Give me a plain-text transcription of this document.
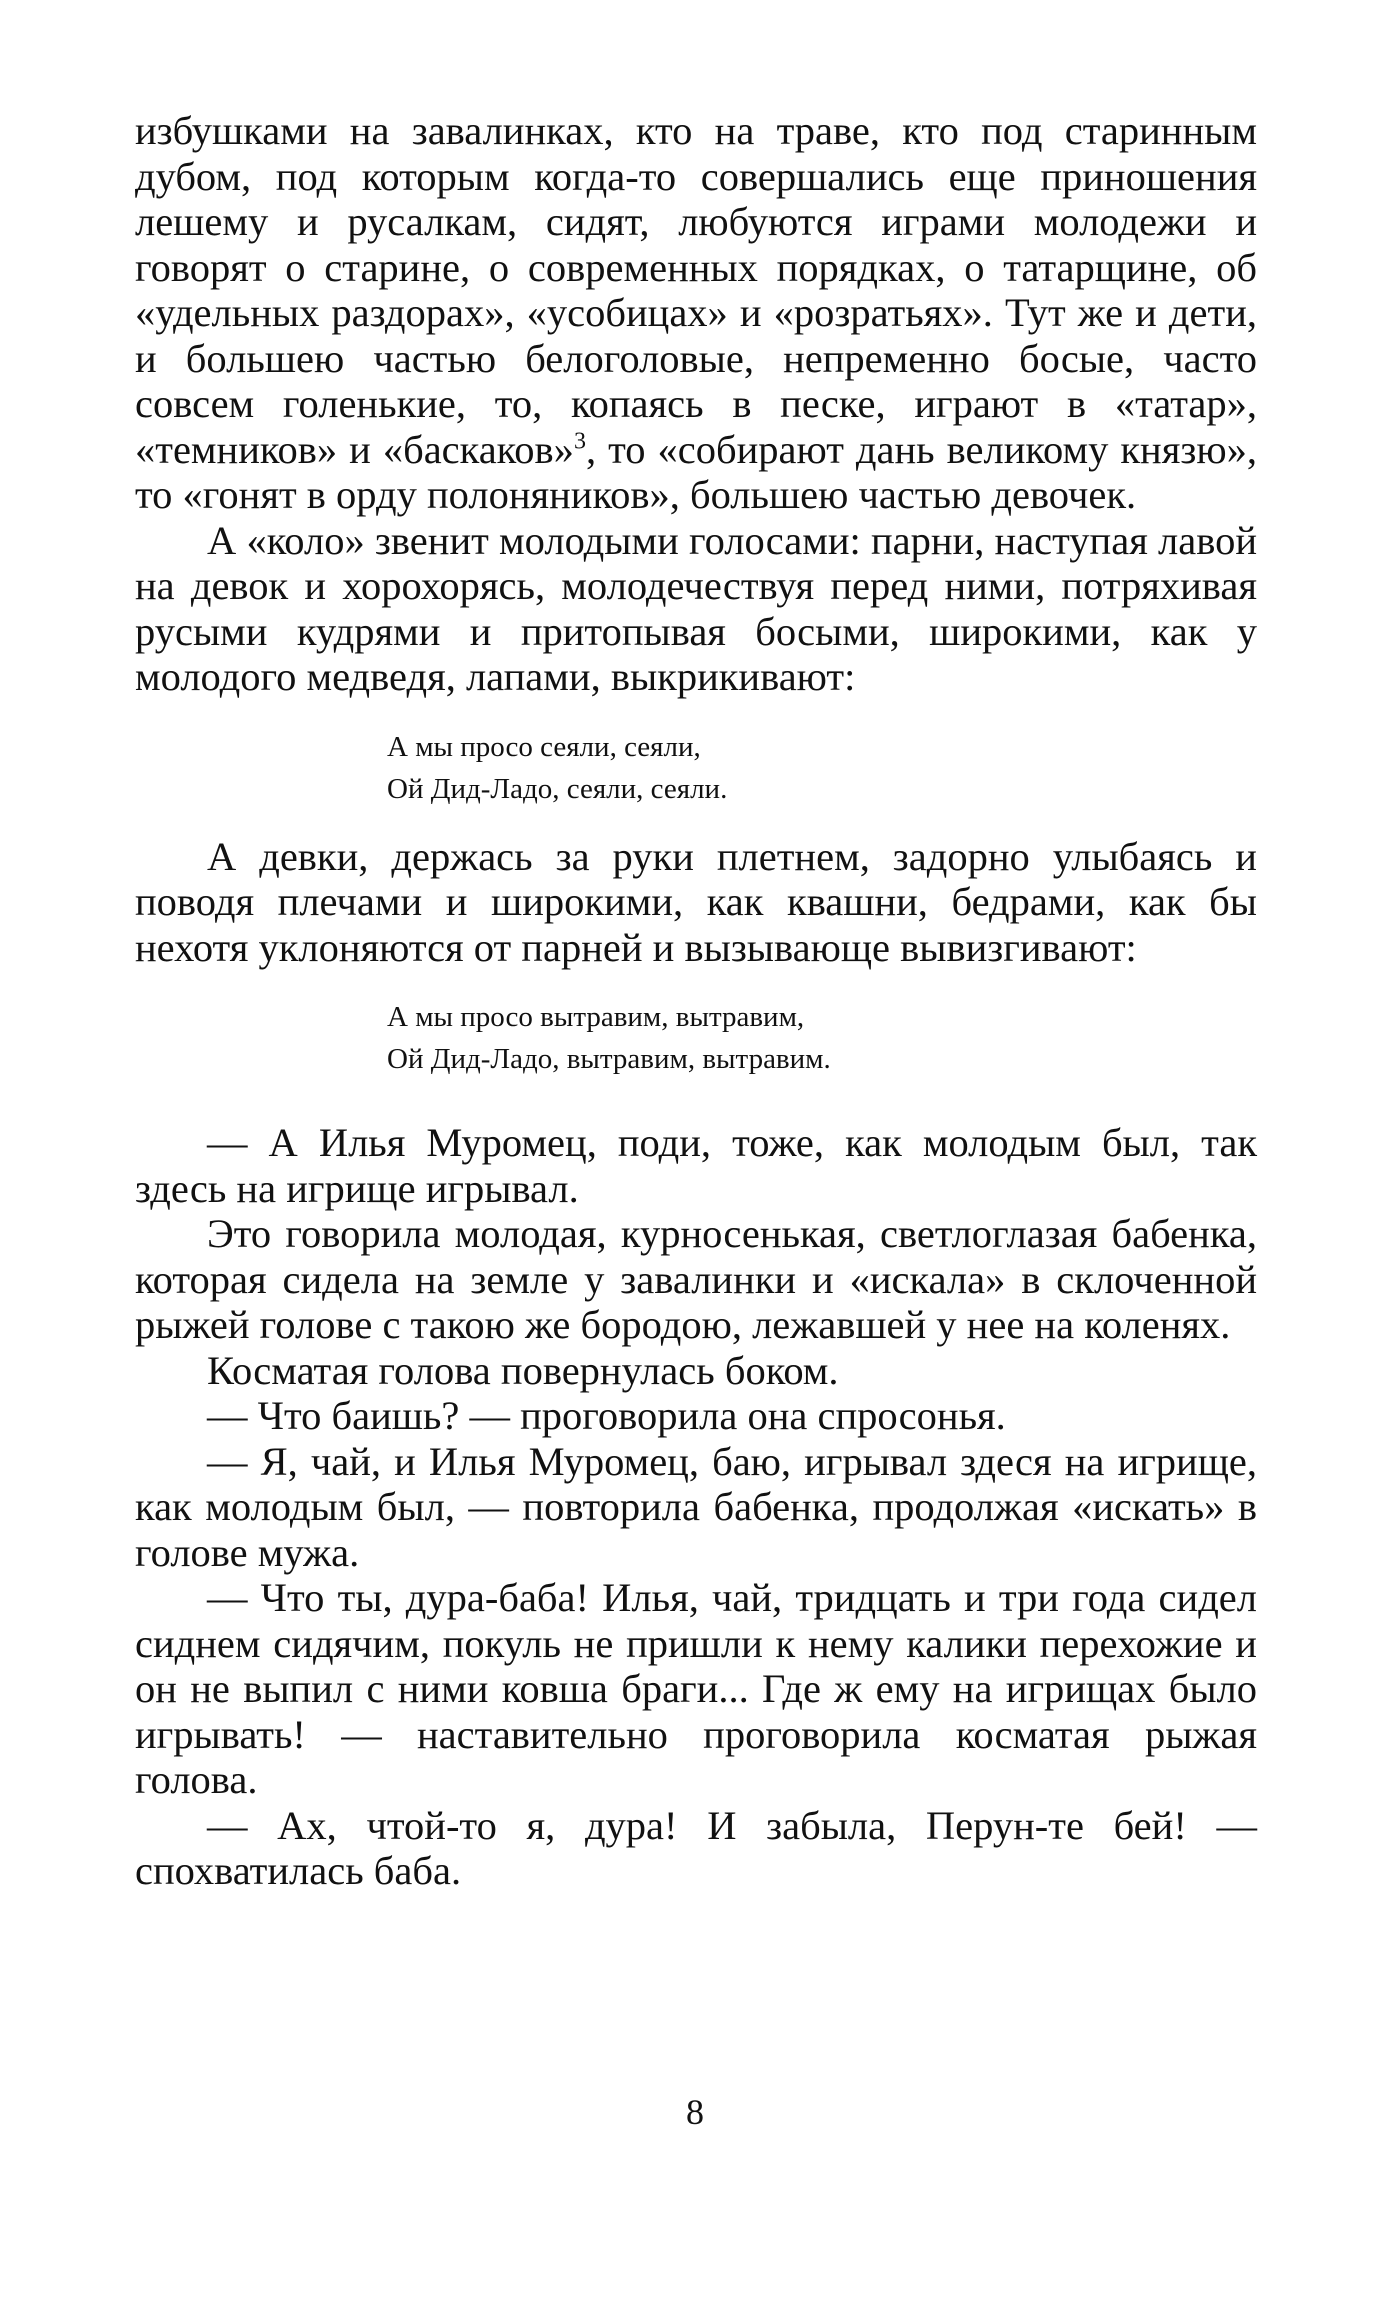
избушками на завалинках, кто на траве, кто под старинным дубом, под которым когда-то совершались еще приношения лешему и русалкам, сидят, любуются играми молодежи и говорят о старине, о современных порядках, о татарщине, об «удельных раздорах», «усобицах» и «розратьях». Тут же и дети, и большею частью белоголовые, непременно босые, часто совсем голенькие, то, копаясь в песке, играют в «татар», «темников» и «баскаков»$^3$, то «собирают дань великому князю», то «гонят в орду полоняников», большею частью девочек.

А «коло» звенит молодыми голосами: парни, наступая лавой на девок и хорохорясь, молодечествуя перед ними, потряхивая русыми кудрями и притопывая босыми, широкими, как у молодого медведя, лапами, выкрикивают:

А мы просо сеяли, сеяли,
Ой Дид-Ладо, сеяли, сеяли.

А девки, держась за руки плетнем, задорно улыбаясь и поводя плечами и широкими, как квашни, бедрами, как бы нехотя уклоняются от парней и вызывающе вывизгивают:

А мы просо вытравим, вытравим,
Ой Дид-Ладо, вытравим, вытравим.

— А Илья Муромец, поди, тоже, как молодым был, так здесь на игрище игрывал.

Это говорила молодая, курносенькая, светлоглазая бабенка, которая сидела на земле у завалинки и «искала» в склоченной рыжей голове с такою же бородою, лежавшей у нее на коленях.

Косматая голова повернулась боком.

— Что баишь? — проговорила она спросонья.

— Я, чай, и Илья Муромец, баю, игрывал здеся на игрище, как молодым был, — повторила бабенка, продолжая «искать» в голове мужа.

— Что ты, дура-баба! Илья, чай, тридцать и три года сидел сиднем сидячим, покуль не пришли к нему калики перехожие и он не выпил с ними ковша браги... Где ж ему на игрищах было игрывать! — наставительно проговорила косматая рыжая голова.

— Ах, чтой-то я, дура! И забыла, Перун-те бей! — спохватилась баба.

8
